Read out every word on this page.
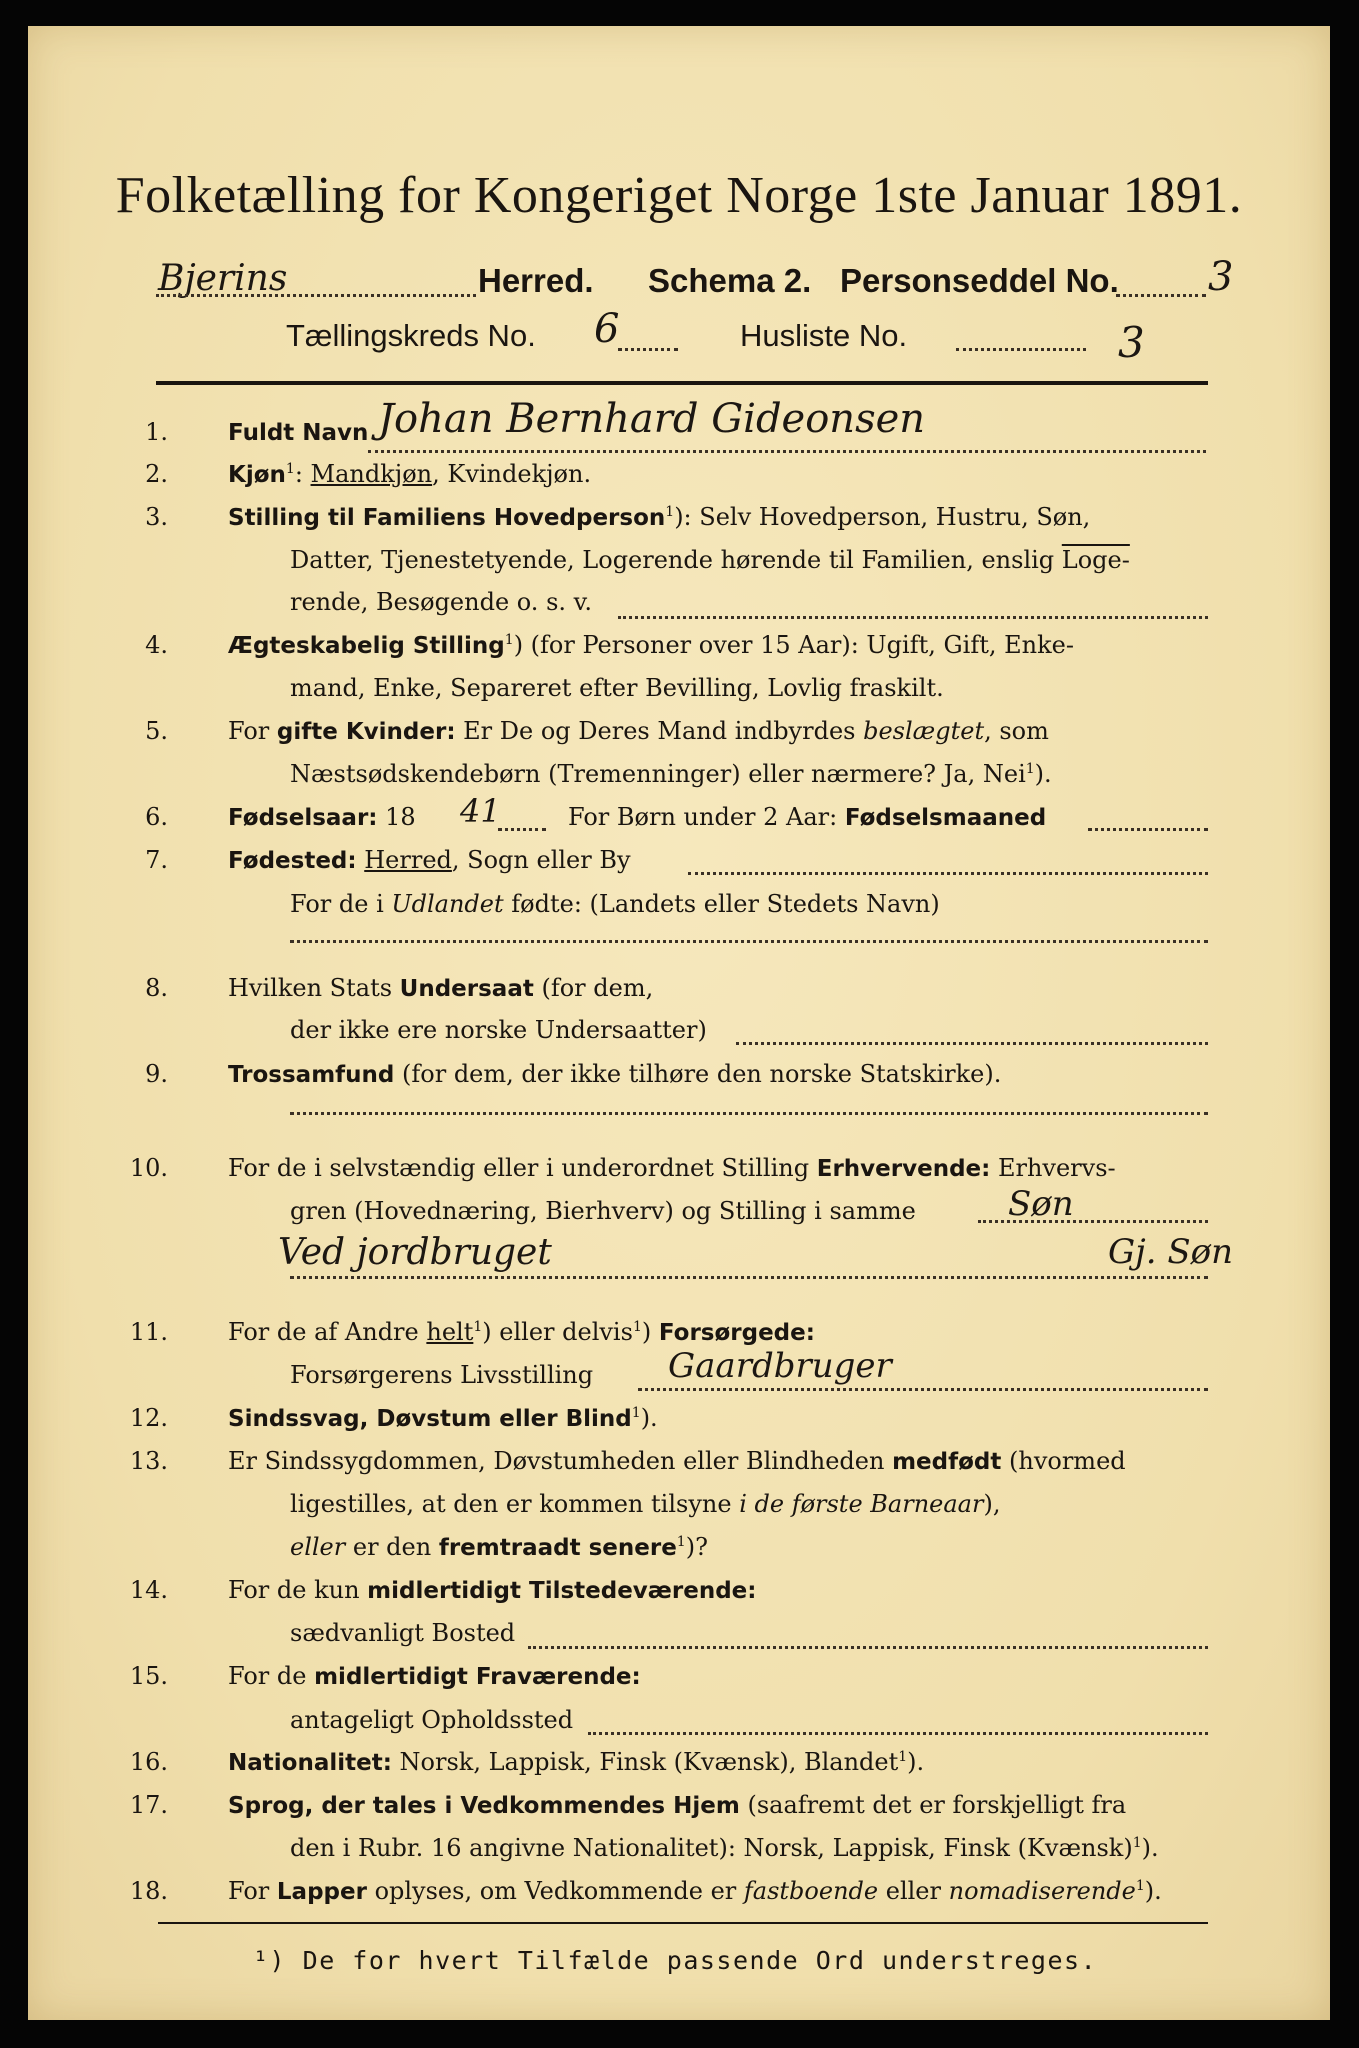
Folketælling for Kongeriget Norge 1ste Januar 1891.
Bjerins	Herred. Schema 2. Personseddel No. 3
Tællingskreds No. 6	Husliste No.	3
1.	Fuldt Navn Johan Bernhard Gideonsen
2.	Kjøn$^1$: Mandkjøn, Kvindekjøn.
3.	Stilling til Familiens Hovedperson$^1$): Selv Hovedperson, Hustru, Søn,
Datter, Tjenestetyende, Logerende hørende til Familien, enslig Loge-
rende, Besøgende o. s. v.
4.	Ægteskabelig Stilling$^1$) (for Personer over 15 Aar): Ugift, Gift, Enke-
mand, Enke, Separeret efter Bevilling, Lovlig fraskilt.
5.	For gifte Kvinder: Er De og Deres Mand indbyrdes beslægtet, som
Næstsødskendebørn (Tremenninger) eller nærmere? Ja, Nei$^1$).
6.	Fødselsaar: 18 41	For Børn under 2 Aar: Fødselsmaaned
7.	Fødested: Herred, Sogn eller By
For de i Udlandet fødte: (Landets eller Stedets Navn)
8.	Hvilken Stats Undersaat (for dem,
der ikke ere norske Undersaatter)
9.	Trossamfund (for dem, der ikke tilhøre den norske Statskirke).
10.	For de i selvstændig eller i underordnet Stilling Erhvervende: Erhvervs-
gren (Hovednæring, Bierhverv) og Stilling i samme	Søn
Ved jordbruget	Gj. Søn
11.	For de af Andre helt$^1$) eller delvis$^1$) Forsørgede:
Forsørgerens Livsstilling Gaardbruger
12.	Sindssvag, Døvstum eller Blind$^1$).
13.	Er Sindssygdommen, Døvstumheden eller Blindheden medfødt (hvormed
ligestilles, at den er kommen tilsyne i de første Barneaar),
eller er den fremtraadt senere$^1$)?
14.	For de kun midlertidigt Tilstedeværende:
sædvanligt Bosted
15.	For de midlertidigt Fraværende:
antageligt Opholdssted
16.	Nationalitet: Norsk, Lappisk, Finsk (Kvænsk), Blandet$^1$).
17.	Sprog, der tales i Vedkommendes Hjem (saafremt det er forskjelligt fra
den i Rubr. 16 angivne Nationalitet): Norsk, Lappisk, Finsk (Kvænsk)$^1$).
18.	For Lapper oplyses, om Vedkommende er fastboende eller nomadiserende$^1$).
¹) De for hvert Tilfælde passende Ord understreges.
